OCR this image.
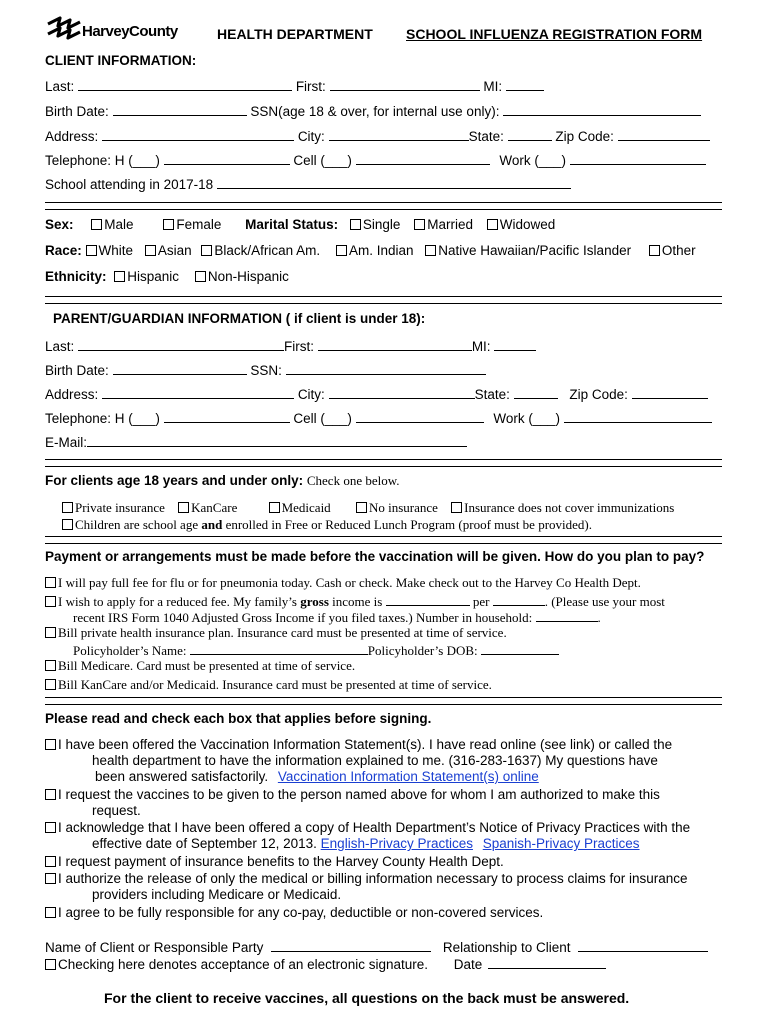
HarveyCounty	HEALTH DEPARTMENT SCHOOL INFLUENZA REGISTRATION FORM
CLIENT INFORMATION:
Last:	First:	MI:
Birth Date:	SSN(age 18 & over, for internal use only):
Address:	City:	State:	Zip Code:
Telephone: H (___)	Cell (___)	Work (___)
School attending in 2017-18
Sex: Male	Female Marital Status: Single Married Widowed
Race: White Asian Black/African Am. Am. Indian Native Hawaiian/Pacific Islander Other
Ethnicity: Hispanic Non-Hispanic
PARENT/GUARDIAN INFORMATION ( if client is under 18):
Last:	First:	MI:
Birth Date:	SSN:
Address:	City:	State:	Zip Code:
Telephone: H (___)	Cell (___)	Work (___)
E-Mail:
For clients age 18 years and under only: Check one below.
Private insurance KanCare	Medicaid	No insurance Insurance does not cover immunizations
Children are school age and enrolled in Free or Reduced Lunch Program (proof must be provided).
Payment or arrangements must be made before the vaccination will be given. How do you plan to pay?
I will pay full fee for flu or for pneumonia today. Cash or check. Make check out to the Harvey Co Health Dept.
I wish to apply for a reduced fee. My family’s gross income is	per	. (Please use your most
recent IRS Form 1040 Adjusted Gross Income if you filed taxes.) Number in household:	.
Bill private health insurance plan. Insurance card must be presented at time of service.
Policyholder’s Name:	Policyholder’s DOB:
Bill Medicare. Card must be presented at time of service.
Bill KanCare and/or Medicaid. Insurance card must be presented at time of service.
Please read and check each box that applies before signing.
I have been offered the Vaccination Information Statement(s). I have read online (see link) or called the
health department to have the information explained to me. (316-283-1637) My questions have
been answered satisfactorily. Vaccination Information Statement(s) online
I request the vaccines to be given to the person named above for whom I am authorized to make this
request.
I acknowledge that I have been offered a copy of Health Department’s Notice of Privacy Practices with the
effective date of September 12, 2013. English-Privacy Practices Spanish-Privacy Practices
I request payment of insurance benefits to the Harvey County Health Dept.
I authorize the release of only the medical or billing information necessary to process claims for insurance
providers including Medicare or Medicaid.
I agree to be fully responsible for any co-pay, deductible or non-covered services.
Name of Client or Responsible Party	Relationship to Client
Checking here denotes acceptance of an electronic signature. Date
For the client to receive vaccines, all questions on the back must be answered.
